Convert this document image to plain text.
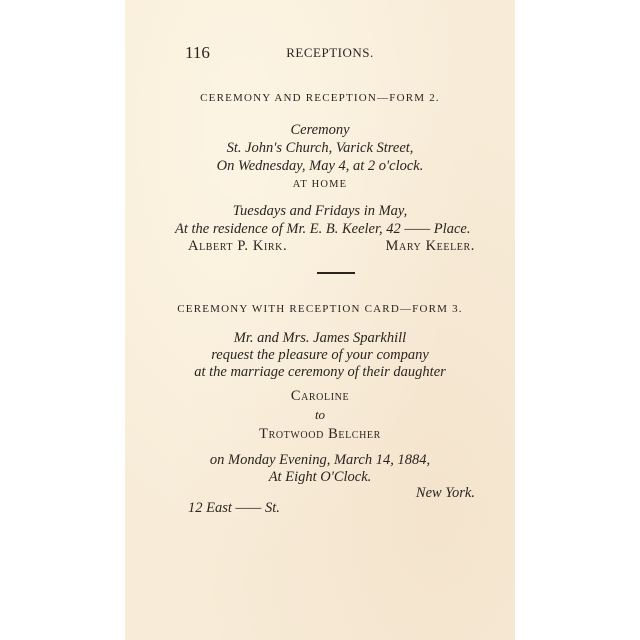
116	RECEPTIONS.
CEREMONY AND RECEPTION—FORM 2.
Ceremony
St. John's Church, Varick Street,
On Wednesday, May 4, at 2 o'clock.
AT HOME
Tuesdays and Fridays in May,
At the residence of Mr. E. B. Keeler, 42 —— Place.
Albert P. Kirk.	Mary Keeler.
CEREMONY WITH RECEPTION CARD—FORM 3.
Mr. and Mrs. James Sparkhill
request the pleasure of your company
at the marriage ceremony of their daughter
Caroline
to
Trotwood Belcher
on Monday Evening, March 14, 1884,
At Eight O'Clock.
New York.
12 East —— St.
